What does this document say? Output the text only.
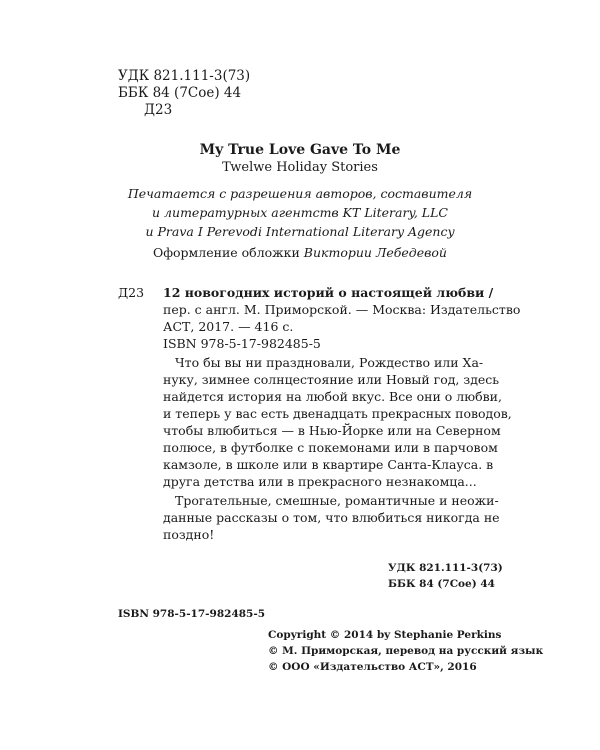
УДК 821.111-3(73)
ББК 84 (7Сое) 44
Д23
My True Love Gave To Me
Twelwe Holiday Stories
Печатается с разрешения авторов, составителя
и литературных агентств KT Literary, LLC
и Prava I Perevodi International Literary Agency
Оформление обложки Виктории Лебедевой
Д23 12 новогодних историй о настоящей любви /
пер. с англ. М. Приморской. — Москва: Издательство
АСТ, 2017. — 416 с.
ISBN 978-5-17-982485-5
Что бы вы ни праздновали, Рождество или Ха-
нуку, зимнее солнцестояние или Новый год, здесь
найдется история на любой вкус. Все они о любви,
и теперь у вас есть двенадцать прекрасных поводов,
чтобы влюбиться — в Нью-Йорке или на Северном
полюсе, в футболке с покемонами или в парчовом
камзоле, в школе или в квартире Санта-Клауса. в
друга детства или в прекрасного незнакомца...
Трогательные, смешные, романтичные и неожи-
данные рассказы о том, что влюбиться никогда не
поздно!
УДК 821.111-3(73)
ББК 84 (7Сое) 44
ISBN 978-5-17-982485-5
Copyright © 2014 by Stephanie Perkins
© М. Приморская, перевод на русский язык
© ООО «Издательство АСТ», 2016
